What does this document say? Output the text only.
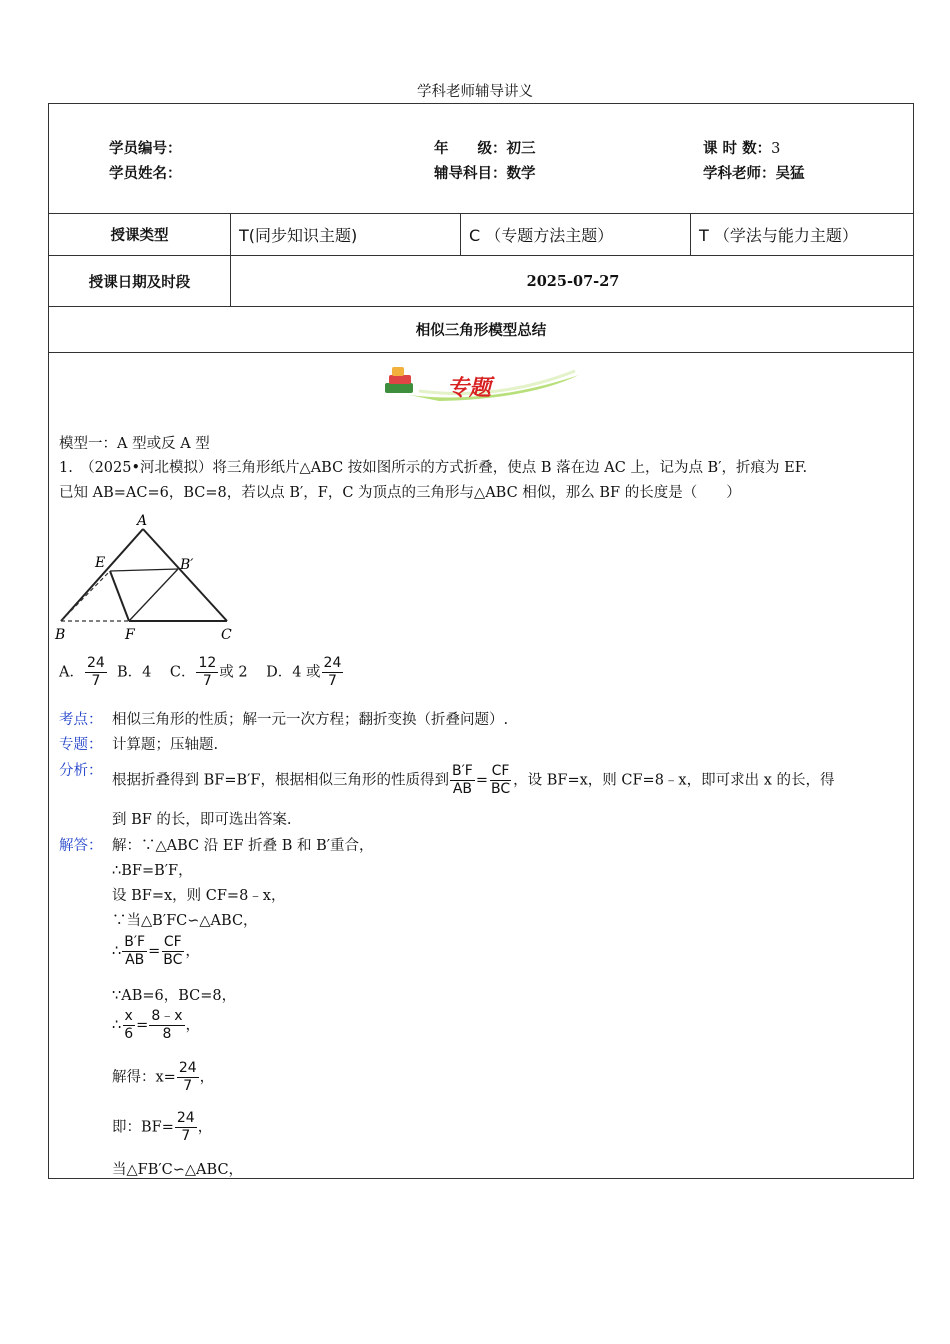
学科老师辅导讲义
学员编号：	年　　级：初三	课 时 数：3
学员姓名：	辅导科目：数学	学科老师：吴猛
授课类型	T(同步知识主题)	C （专题方法主题）	T （学法与能力主题）
授课日期及时段	2025-07-27
相似三角形模型总结
专题
模型一：A 型或反 A 型
1.　（2025•河北模拟）将三角形纸片△ABC 按如图所示的方式折叠，使点 B 落在边 AC 上，记为点 B′，折痕为 EF.
已知 AB=AC=6，BC=8，若以点 B′，F，C 为顶点的三角形与△ABC 相似，那么 BF 的长度是（　　）
A
E	B′
B	F	C
A． $\frac{24}{7}$ B．4 C． $\frac{12}{7}$ 或 2 D．4 或 $\frac{24}{7}$
考点： 相似三角形的性质；解一元一次方程；翻折变换（折叠问题）.
专题： 计算题；压轴题.
分析：
根据折叠得到 BF=B′F，根据相似三角形的性质得到 $\frac{B'F}{AB} = \frac{CF}{BC}$ ，设 BF=x，则 CF=8﹣x，即可求出 x 的长，得
到 BF 的长，即可选出答案.
解答： 解：∵△ABC 沿 EF 折叠 B 和 B′重合，
∴BF=B′F，
设 BF=x，则 CF=8﹣x，
∵当△B′FC∽△ABC，
∴ $\frac{B'F}{AB} = \frac{CF}{BC}$ ，
∵AB=6，BC=8，
∴ $\frac{x}{6} = \frac{8﹣x}{8}$ ，
解得：$x= \frac{24}{7}$ ，
即：$BF= \frac{24}{7}$ ，
当△FB′C∽△ABC，
